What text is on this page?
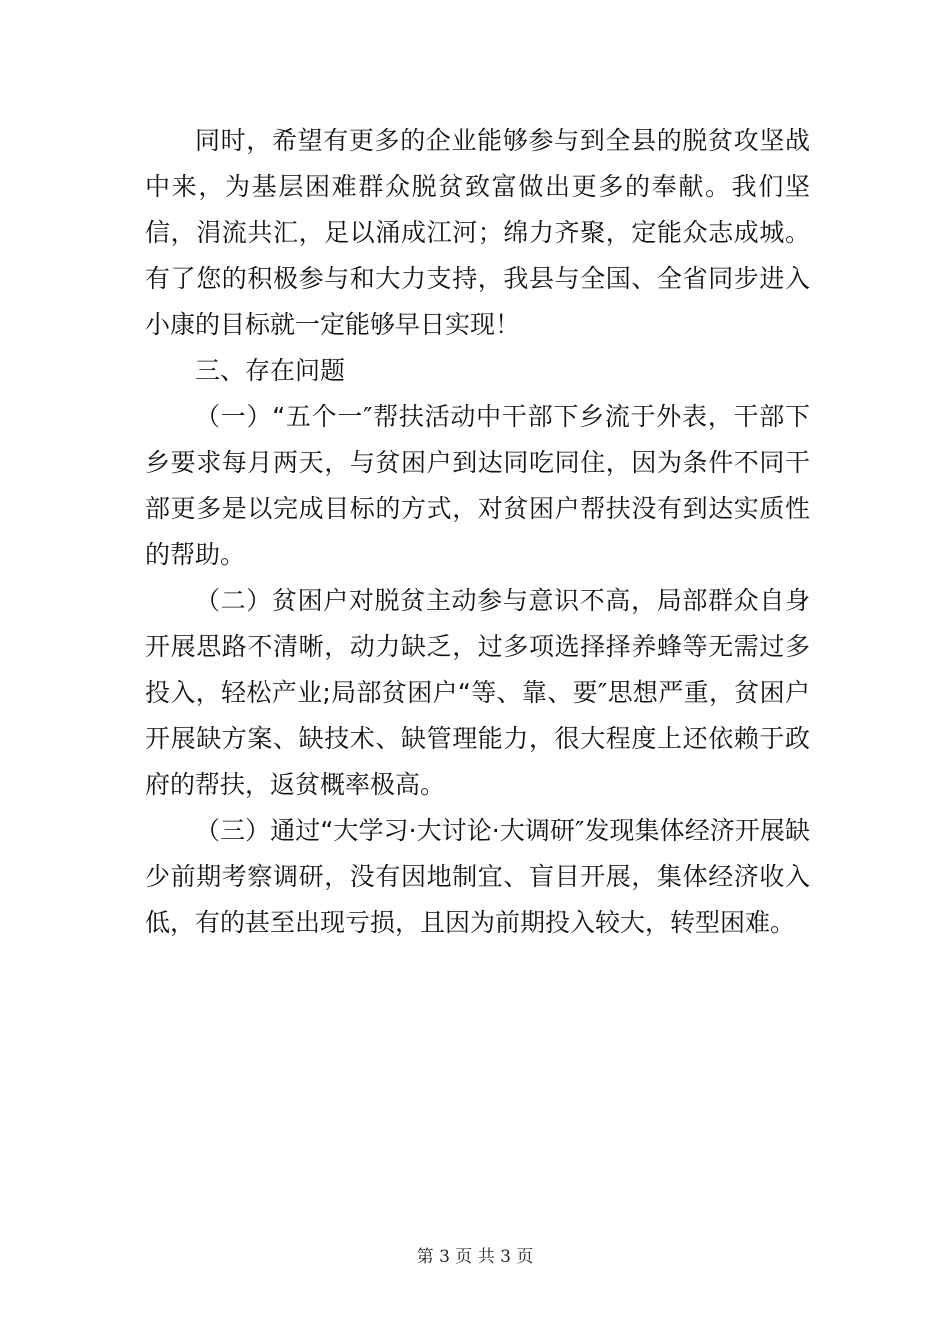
同时，希望有更多的企业能够参与到全县的脱贫攻坚战中来，为基层困难群众脱贫致富做出更多的奉献。我们坚信，涓流共汇，足以涌成江河；绵力齐聚，定能众志成城。有了您的积极参与和大力支持，我县与全国、全省同步进入小康的目标就一定能够早日实现！

三、存在问题

（一）“五个一″帮扶活动中干部下乡流于外表，干部下乡要求每月两天，与贫困户到达同吃同住，因为条件不同干部更多是以完成目标的方式，对贫困户帮扶没有到达实质性的帮助。

（二）贫困户对脱贫主动参与意识不高，局部群众自身开展思路不清晰，动力缺乏，过多项选择择养蜂等无需过多投入，轻松产业;局部贫困户“等、靠、要″思想严重，贫困户开展缺方案、缺技术、缺管理能力，很大程度上还依赖于政府的帮扶，返贫概率极高。

（三）通过“大学习·大讨论·大调研″发现集体经济开展缺少前期考察调研，没有因地制宜、盲目开展，集体经济收入低，有的甚至出现亏损，且因为前期投入较大，转型困难。

第 3 页 共 3 页
